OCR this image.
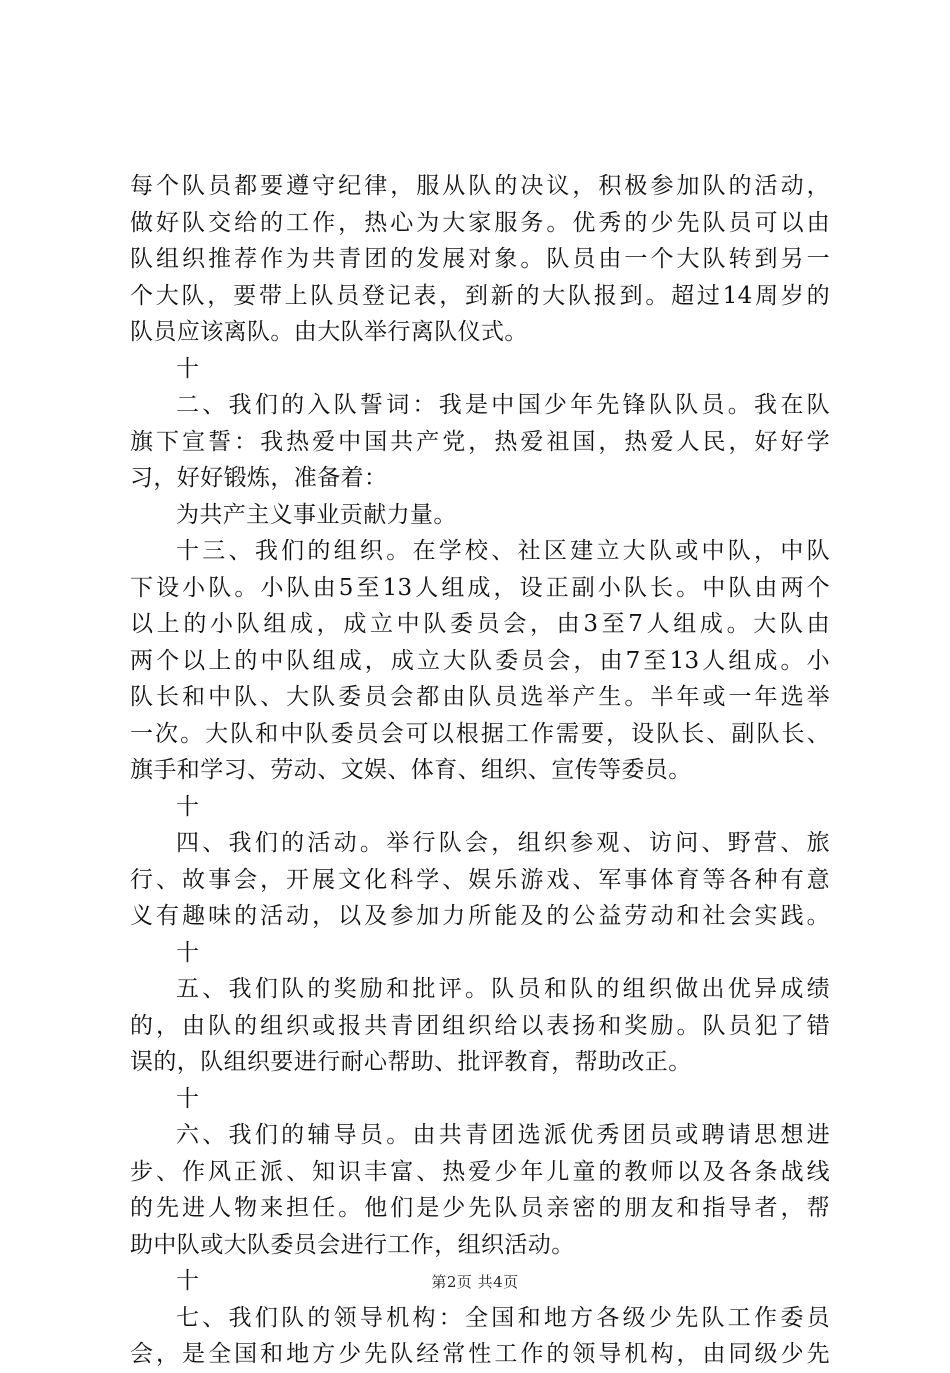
每个队员都要遵守纪律，服从队的决议，积极参加队的活动，
做好队交给的工作，热心为大家服务。优秀的少先队员可以由
队组织推荐作为共青团的发展对象。队员由一个大队转到另一
个大队，要带上队员登记表，到新的大队报到。超过14周岁的
队员应该离队。由大队举行离队仪式。
十
二、我们的入队誓词：我是中国少年先锋队队员。我在队
旗下宣誓：我热爱中国共产党，热爱祖国，热爱人民，好好学
习，好好锻炼，准备着：
为共产主义事业贡献力量。
十三、我们的组织。在学校、社区建立大队或中队，中队
下设小队。小队由5至13人组成，设正副小队长。中队由两个
以上的小队组成，成立中队委员会，由3至7人组成。大队由
两个以上的中队组成，成立大队委员会，由7至13人组成。小
队长和中队、大队委员会都由队员选举产生。半年或一年选举
一次。大队和中队委员会可以根据工作需要，设队长、副队长、
旗手和学习、劳动、文娱、体育、组织、宣传等委员。
十
四、我们的活动。举行队会，组织参观、访问、野营、旅
行、故事会，开展文化科学、娱乐游戏、军事体育等各种有意
义有趣味的活动，以及参加力所能及的公益劳动和社会实践。
十
五、我们队的奖励和批评。队员和队的组织做出优异成绩
的，由队的组织或报共青团组织给以表扬和奖励。队员犯了错
误的，队组织要进行耐心帮助、批评教育，帮助改正。
十
六、我们的辅导员。由共青团选派优秀团员或聘请思想进
步、作风正派、知识丰富、热爱少年儿童的教师以及各条战线
的先进人物来担任。他们是少先队员亲密的朋友和指导者，帮
助中队或大队委员会进行工作，组织活动。
十
七、我们队的领导机构：全国和地方各级少先队工作委员
会，是全国和地方少先队经常性工作的领导机构，由同级少先
第2页 共4页
